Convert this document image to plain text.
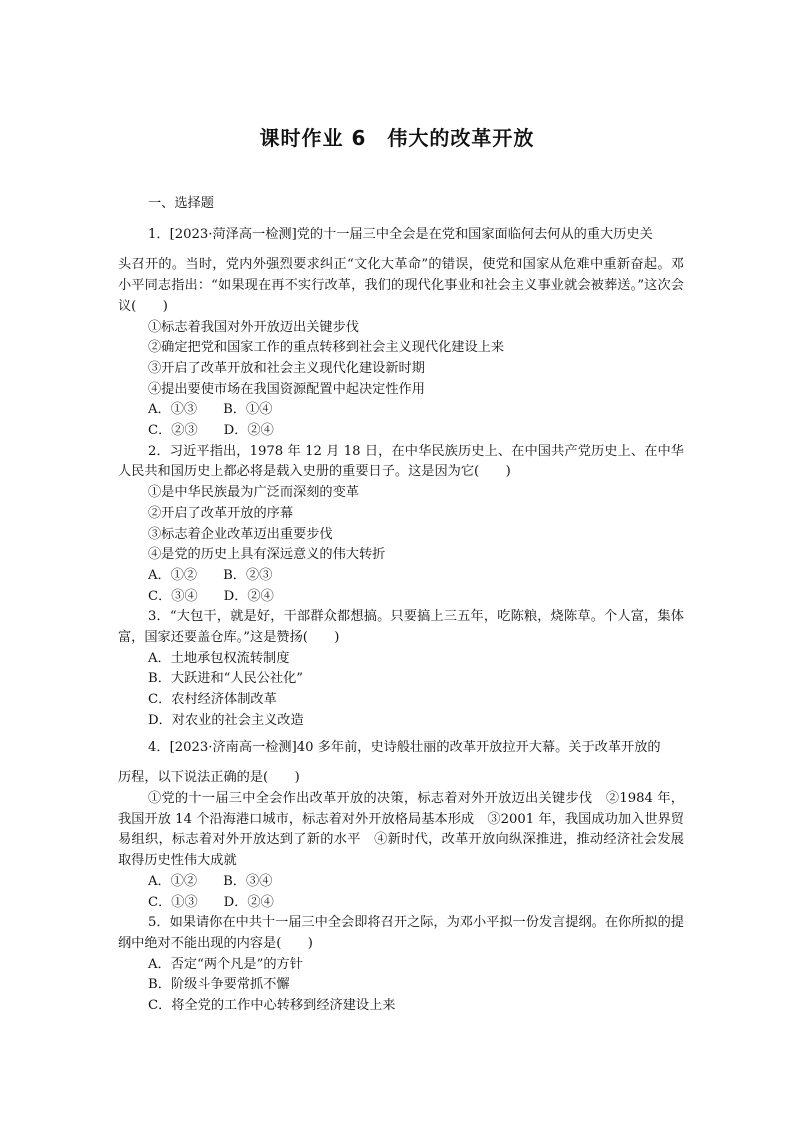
课时作业 6　伟大的改革开放

一、选择题

1．[2023·菏泽高一检测]党的十一届三中全会是在党和国家面临何去何从的重大历史关

头召开的。当时，党内外强烈要求纠正“文化大革命”的错误，使党和国家从危难中重新奋起。邓小平同志指出：“如果现在再不实行改革，我们的现代化事业和社会主义事业就会被葬送。”这次会议(　　)

①标志着我国对外开放迈出关键步伐

②确定把党和国家工作的重点转移到社会主义现代化建设上来

③开启了改革开放和社会主义现代化建设新时期

④提出要使市场在我国资源配置中起决定性作用

A．①③ B．①④

C．②③ D．②④

2．习近平指出，1978 年 12 月 18 日，在中华民族历史上、在中国共产党历史上、在中华人民共和国历史上都必将是载入史册的重要日子。这是因为它(　　)

①是中华民族最为广泛而深刻的变革

②开启了改革开放的序幕

③标志着企业改革迈出重要步伐

④是党的历史上具有深远意义的伟大转折

A．①② B．②③

C．③④ D．②④

3．“大包干，就是好，干部群众都想搞。只要搞上三五年，吃陈粮，烧陈草。个人富，集体富，国家还要盖仓库。”这是赞扬(　　)

A．土地承包权流转制度

B．大跃进和“人民公社化”

C．农村经济体制改革

D．对农业的社会主义改造

4．[2023·济南高一检测]40 多年前，史诗般壮丽的改革开放拉开大幕。关于改革开放的

历程，以下说法正确的是(　　)

①党的十一届三中全会作出改革开放的决策，标志着对外开放迈出关键步伐　②1984 年，我国开放 14 个沿海港口城市，标志着对外开放格局基本形成　③2001 年，我国成功加入世界贸易组织，标志着对外开放达到了新的水平　④新时代，改革开放向纵深推进，推动经济社会发展取得历史性伟大成就

A．①② B．③④

C．①③ D．②④

5．如果请你在中共十一届三中全会即将召开之际，为邓小平拟一份发言提纲。在你所拟的提纲中绝对不能出现的内容是(　　)

A．否定“两个凡是”的方针

B．阶级斗争要常抓不懈

C．将全党的工作中心转移到经济建设上来
